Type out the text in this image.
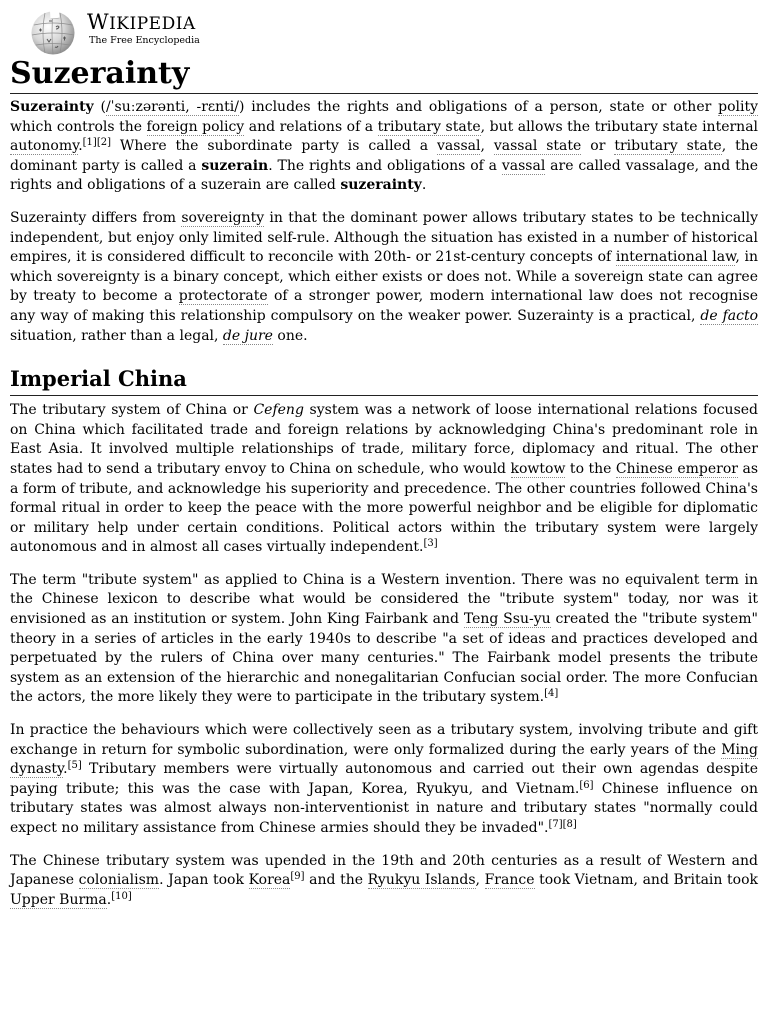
WIKIPEDIA
The Free Encyclopedia
Suzerainty

Suzerainty (/ˈsuːzərənti, -rɛnti/) includes the rights and obligations of a person, state or other polity which controls the foreign policy and relations of a tributary state, but allows the tributary state internal autonomy.[1][2] Where the subordinate party is called a vassal, vassal state or tributary state, the dominant party is called a suzerain. The rights and obligations of a vassal are called vassalage, and the rights and obligations of a suzerain are called suzerainty.

Suzerainty differs from sovereignty in that the dominant power allows tributary states to be technically independent, but enjoy only limited self-rule. Although the situation has existed in a number of historical empires, it is considered difficult to reconcile with 20th- or 21st-century concepts of international law, in which sovereignty is a binary concept, which either exists or does not. While a sovereign state can agree by treaty to become a protectorate of a stronger power, modern international law does not recognise any way of making this relationship compulsory on the weaker power. Suzerainty is a practical, de facto situation, rather than a legal, de jure one.

Imperial China

The tributary system of China or Cefeng system was a network of loose international relations focused on China which facilitated trade and foreign relations by acknowledging China's predominant role in East Asia. It involved multiple relationships of trade, military force, diplomacy and ritual. The other states had to send a tributary envoy to China on schedule, who would kowtow to the Chinese emperor as a form of tribute, and acknowledge his superiority and precedence. The other countries followed China's formal ritual in order to keep the peace with the more powerful neighbor and be eligible for diplomatic or military help under certain conditions. Political actors within the tributary system were largely autonomous and in almost all cases virtually independent.[3]

The term "tribute system" as applied to China is a Western invention. There was no equivalent term in the Chinese lexicon to describe what would be considered the "tribute system" today, nor was it envisioned as an institution or system. John King Fairbank and Teng Ssu-yu created the "tribute system" theory in a series of articles in the early 1940s to describe "a set of ideas and practices developed and perpetuated by the rulers of China over many centuries." The Fairbank model presents the tribute system as an extension of the hierarchic and nonegalitarian Confucian social order. The more Confucian the actors, the more likely they were to participate in the tributary system.[4]

In practice the behaviours which were collectively seen as a tributary system, involving tribute and gift exchange in return for symbolic subordination, were only formalized during the early years of the Ming dynasty.[5] Tributary members were virtually autonomous and carried out their own agendas despite paying tribute; this was the case with Japan, Korea, Ryukyu, and Vietnam.[6] Chinese influence on tributary states was almost always non-interventionist in nature and tributary states "normally could expect no military assistance from Chinese armies should they be invaded".[7][8]

The Chinese tributary system was upended in the 19th and 20th centuries as a result of Western and Japanese colonialism. Japan took Korea[9] and the Ryukyu Islands, France took Vietnam, and Britain took Upper Burma.[10]
